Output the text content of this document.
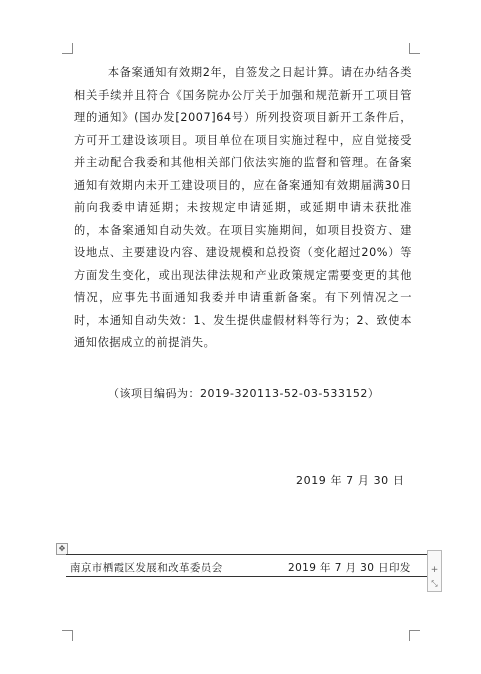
本备案通知有效期2年，自签发之日起计算。请在办结各类相关手续并且符合《国务院办公厅关于加强和规范新开工项目管理的通知》(国办发[2007]64号）所列投资项目新开工条件后，方可开工建设该项目。项目单位在项目实施过程中，应自觉接受并主动配合我委和其他相关部门依法实施的监督和管理。在备案通知有效期内未开工建设项目的，应在备案通知有效期届满30日前向我委申请延期；未按规定申请延期，或延期申请未获批准的，本备案通知自动失效。在项目实施期间，如项目投资方、建设地点、主要建设内容、建设规模和总投资（变化超过20%）等方面发生变化，或出现法律法规和产业政策规定需要变更的其他情况，应事先书面通知我委并申请重新备案。有下列情况之一时，本通知自动失效：1、发生提供虚假材料等行为；2、致使本通知依据成立的前提消失。
（该项目编码为：2019-320113-52-03-533152）
2019 年 7 月 30 日
✥
南京市栖霞区发展和改革委员会	2019 年 7 月 30 日印发	+
⤡
